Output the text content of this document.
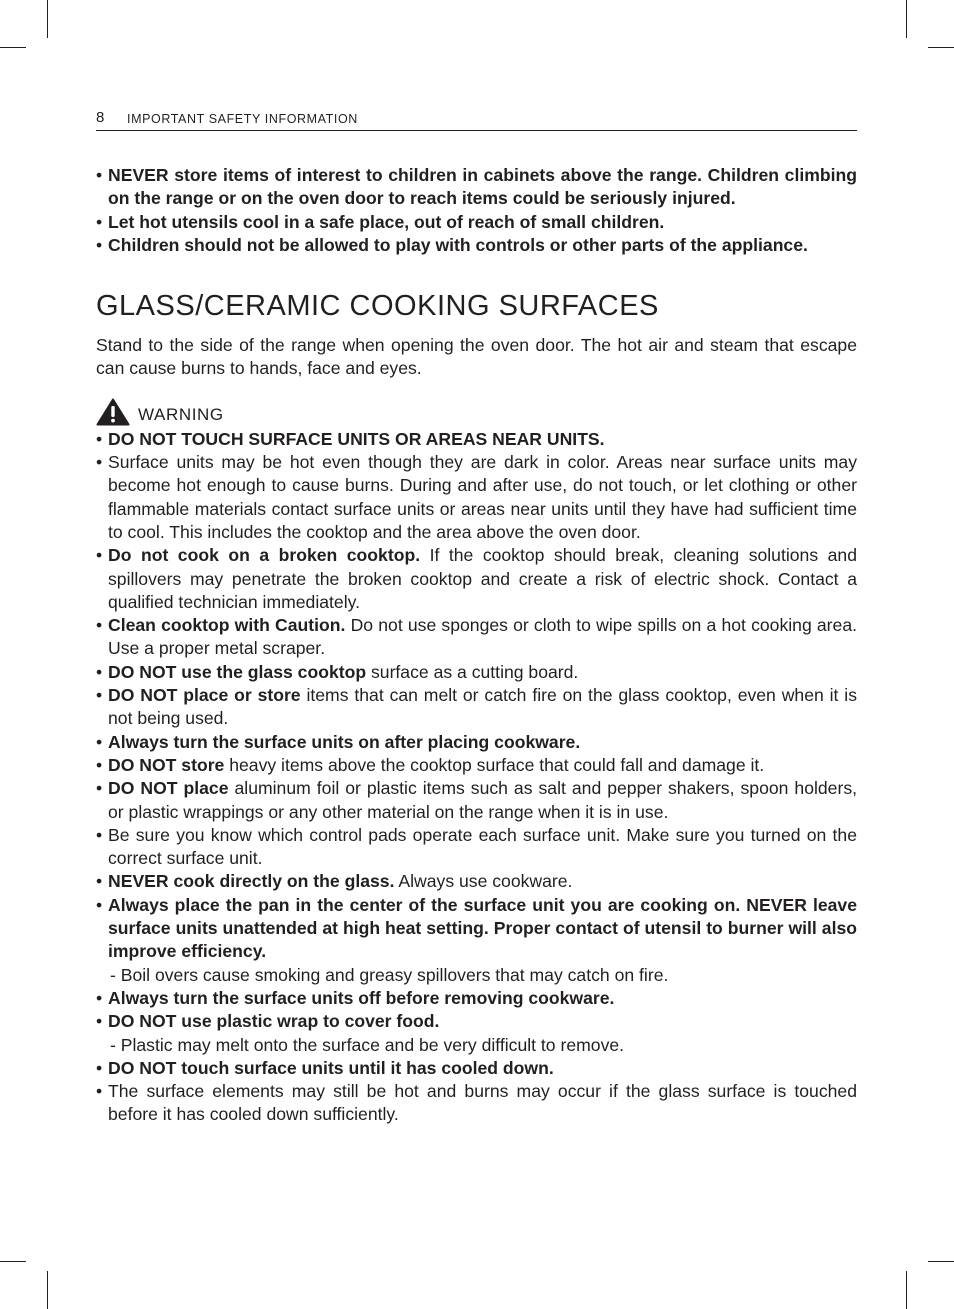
8 IMPORTANT SAFETY INFORMATION
• NEVER store items of interest to children in cabinets above the range. Children climbing on the range or on the oven door to reach items could be seriously injured.
• Let hot utensils cool in a safe place, out of reach of small children.
• Children should not be allowed to play with controls or other parts of the appliance.
GLASS/CERAMIC COOKING SURFACES

Stand to the side of the range when opening the oven door. The hot air and steam that escape can cause burns to hands, face and eyes.

WARNING
• DO NOT TOUCH SURFACE UNITS OR AREAS NEAR UNITS.
• Surface units may be hot even though they are dark in color. Areas near surface units may become hot enough to cause burns. During and after use, do not touch, or let clothing or other flammable materials contact surface units or areas near units until they have had sufficient time to cool. This includes the cooktop and the area above the oven door.
• Do not cook on a broken cooktop. If the cooktop should break, cleaning solutions and spillovers may penetrate the broken cooktop and create a risk of electric shock. Contact a qualified technician immediately.
• Clean cooktop with Caution. Do not use sponges or cloth to wipe spills on a hot cooking area. Use a proper metal scraper.
• DO NOT use the glass cooktop surface as a cutting board.
• DO NOT place or store items that can melt or catch fire on the glass cooktop, even when it is not being used.
• Always turn the surface units on after placing cookware.
• DO NOT store heavy items above the cooktop surface that could fall and damage it.
• DO NOT place aluminum foil or plastic items such as salt and pepper shakers, spoon holders, or plastic wrappings or any other material on the range when it is in use.
• Be sure you know which control pads operate each surface unit. Make sure you turned on the correct surface unit.
• NEVER cook directly on the glass. Always use cookware.
• Always place the pan in the center of the surface unit you are cooking on. NEVER leave surface units unattended at high heat setting. Proper contact of utensil to burner will also improve efficiency.
- Boil overs cause smoking and greasy spillovers that may catch on fire.
• Always turn the surface units off before removing cookware.
• DO NOT use plastic wrap to cover food.
- Plastic may melt onto the surface and be very difficult to remove.
• DO NOT touch surface units until it has cooled down.
• The surface elements may still be hot and burns may occur if the glass surface is touched before it has cooled down sufficiently.
